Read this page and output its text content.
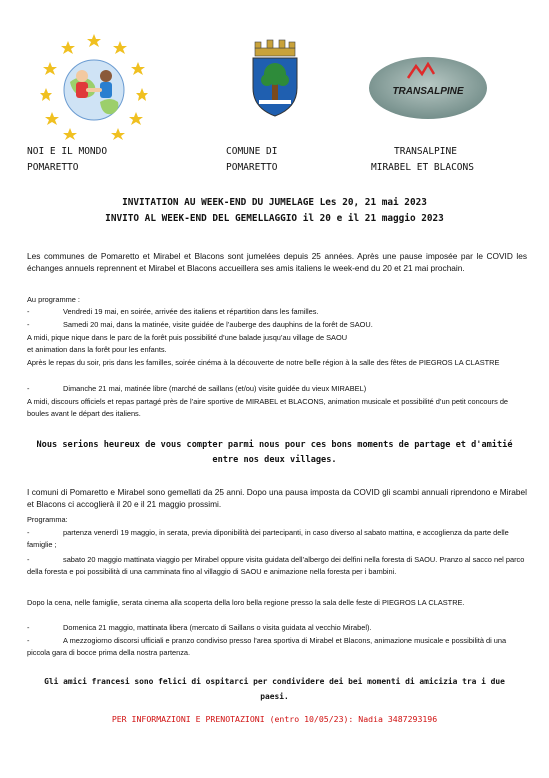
TRANSALPINE
NOI E IL MONDO
POMARETTO
COMUNE DI
POMARETTO
TRANSALPINE
MIRABEL ET BLACONS
INVITATION AU WEEK-END DU JUMELAGE Les 20, 21 mai 2023
INVITO AL WEEK-END DEL GEMELLAGGIO il 20 e il 21 maggio 2023
Les communes de Pomaretto et Mirabel et Blacons sont jumelées depuis 25 années. Après une pause imposée par le COVID les échanges annuels reprennent et Mirabel et Blacons accueillera ses amis italiens le week-end du 20 et 21 mai prochain.
Au programme :
-	Vendredi 19 mai, en soirée, arrivée des italiens et répartition dans les familles.
-	Samedi 20 mai, dans la matinée, visite guidée de l’auberge des dauphins de la forêt de SAOU.
A midi, pique nique dans le parc de la forêt puis possibilité d’une balade jusqu’au village de SAOU
et animation dans la forêt pour les enfants.
Après le repas du soir, pris dans les familles, soirée cinéma à la découverte de notre belle région à la salle des fêtes de PIEGROS LA CLASTRE
-	Dimanche 21 mai, matinée libre (marché de saillans (et/ou) visite guidée du vieux MIRABEL)
A midi, discours officiels et repas partagé près de l’aire sportive de MIRABEL et BLACONS, animation musicale et possibilité d’un petit concours de boules avant le départ des italiens.
Nous serions heureux de vous compter parmi nous pour ces bons moments de partage et d'amitié entre nos deux villages.
I comuni di Pomaretto e Mirabel sono gemellati da 25 anni. Dopo una pausa imposta da COVID gli scambi annuali riprendono e Mirabel et Blacons ci accoglierà il 20 e il 21 maggio prossimi.
Programma:
-	partenza venerdì 19 maggio, in serata, previa diponibilità dei partecipanti, in caso diverso al sabato mattina, e accoglienza da parte delle famiglie ;
-	sabato 20 maggio mattinata viaggio per Mirabel oppure visita guidata dell’albergo dei delfini nella foresta di SAOU. Pranzo al sacco nel parco della foresta e poi possibilità di una camminata fino al villaggio di SAOU e animazione nella foresta per i bambini.
Dopo la cena, nelle famiglie, serata cinema alla scoperta della loro bella regione presso la sala delle feste di PIEGROS LA CLASTRE.
-	Domenica 21 maggio, mattinata libera (mercato di Saillans o visita guidata al vecchio Mirabel).
-	A mezzogiorno discorsi ufficiali e pranzo condiviso presso l’area sportiva di Mirabel et Blacons, animazione musicale e possibilità di una piccola gara di bocce prima della nostra partenza.
Gli amici francesi sono felici di ospitarci per condividere dei bei momenti di amicizia tra i due paesi.
PER INFORMAZIONI E PRENOTAZIONI (entro 10/05/23): Nadia 3487293196
